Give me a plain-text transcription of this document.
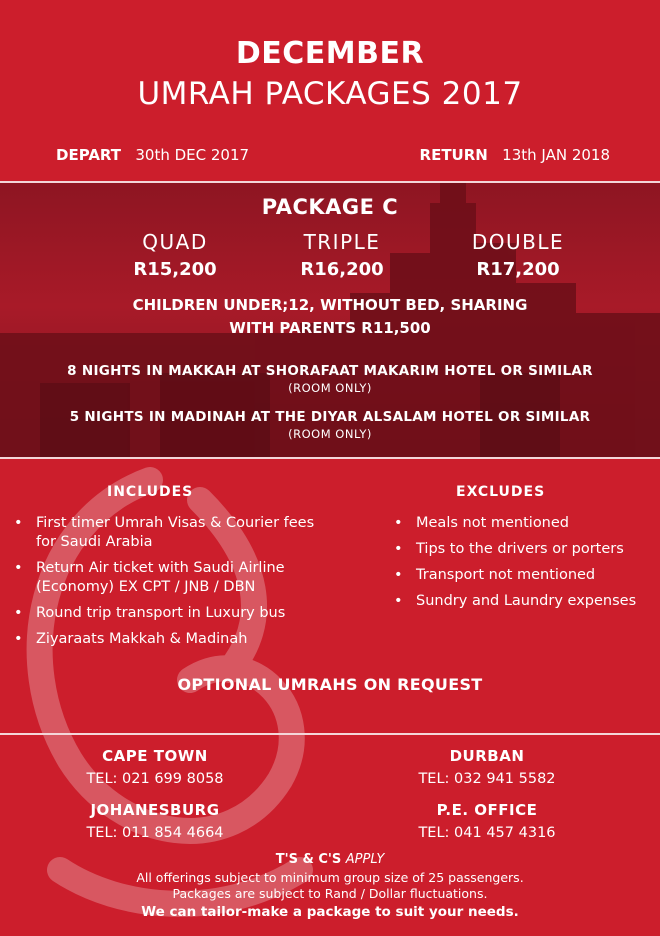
DECEMBER
UMRAH PACKAGES 2017
DEPART 30th DEC 2017	RETURN 13th JAN 2018
PACKAGE C
QUAD	TRIPLE	DOUBLE
R15,200	R16,200	R17,200
CHILDREN UNDER;12, WITHOUT BED, SHARING
WITH PARENTS R11,500
8 NIGHTS IN MAKKAH AT SHORAFAAT MAKARIM HOTEL OR SIMILAR
(ROOM ONLY)
5 NIGHTS IN MADINAH AT THE DIYAR ALSALAM HOTEL OR SIMILAR
(ROOM ONLY)
INCLUDES
• First timer Umrah Visas & Courier fees for Saudi Arabia
• Return Air ticket with Saudi Airline (Economy) EX CPT / JNB / DBN
• Round trip transport in Luxury bus
• Ziyaraats Makkah & Madinah
EXCLUDES
• Meals not mentioned
• Tips to the drivers or porters
• Transport not mentioned
• Sundry and Laundry expenses
OPTIONAL UMRAHS ON REQUEST
CAPE TOWN
TEL: 021 699 8058
DURBAN
TEL: 032 941 5582
JOHANESBURG
TEL: 011 854 4664
P.E. OFFICE
TEL: 041 457 4316
T'S & C'S APPLY
All offerings subject to minimum group size of 25 passengers.
Packages are subject to Rand / Dollar fluctuations.
We can tailor-make a package to suit your needs.
